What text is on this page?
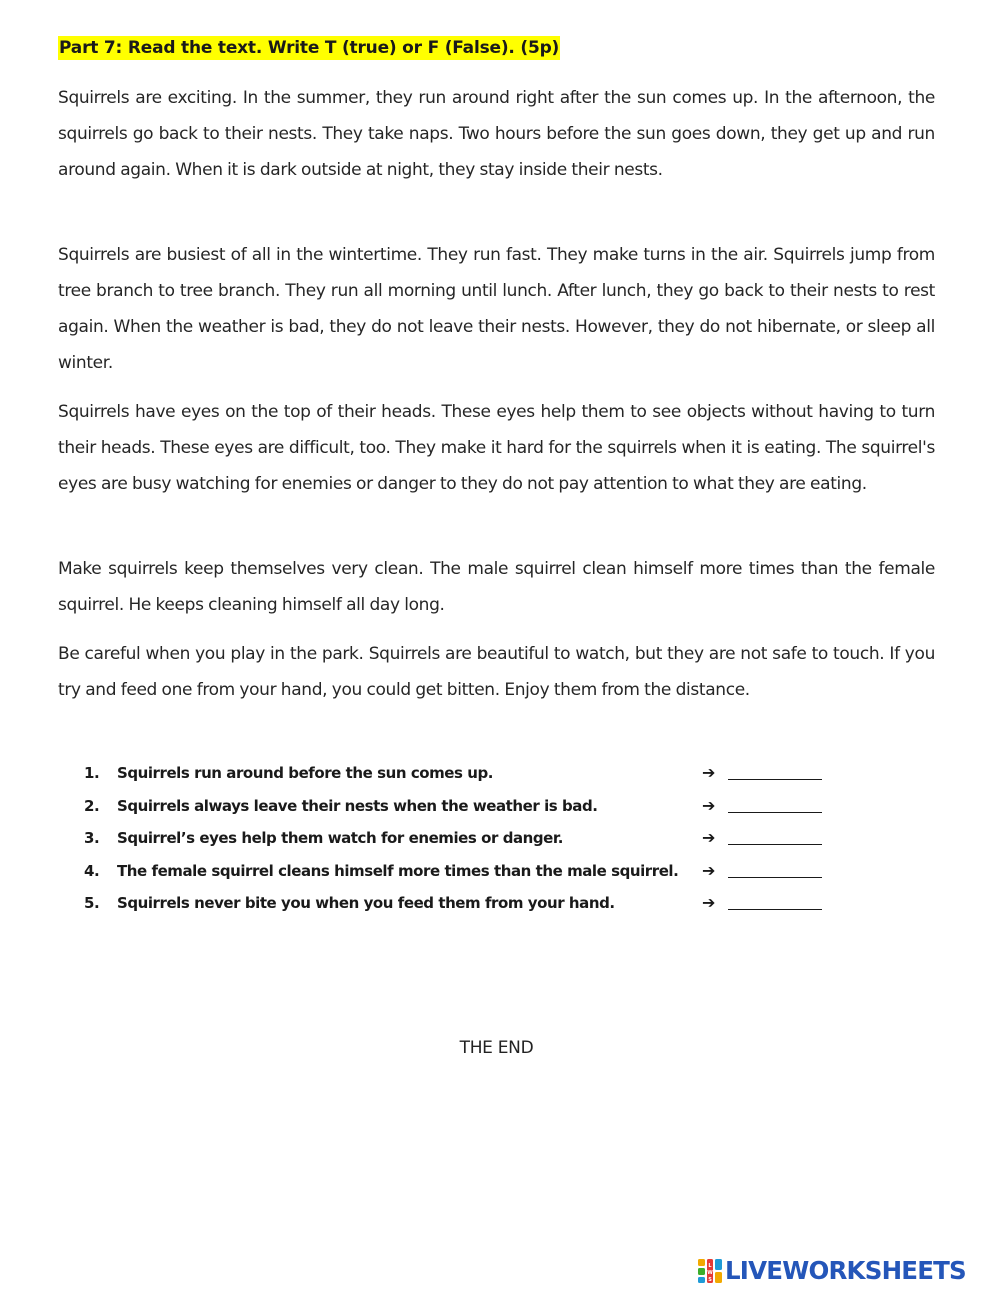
Part 7: Read the text. Write T (true) or F (False). (5p)

Squirrels are exciting. In the summer, they run around right after the sun comes up. In the afternoon, the squirrels go back to their nests. They take naps. Two hours before the sun goes down, they get up and run around again. When it is dark outside at night, they stay inside their nests.

Squirrels are busiest of all in the wintertime. They run fast. They make turns in the air. Squirrels jump from tree branch to tree branch. They run all morning until lunch. After lunch, they go back to their nests to rest again. When the weather is bad, they do not leave their nests. However, they do not hibernate, or sleep all winter.

Squirrels have eyes on the top of their heads. These eyes help them to see objects without having to turn their heads. These eyes are difficult, too. They make it hard for the squirrels when it is eating. The squirrel's eyes are busy watching for enemies or danger to they do not pay attention to what they are eating.

Make squirrels keep themselves very clean. The male squirrel clean himself more times than the female squirrel. He keeps cleaning himself all day long.

Be careful when you play in the park. Squirrels are beautiful to watch, but they are not safe to touch. If you try and feed one from your hand, you could get bitten. Enjoy them from the distance.

1.	Squirrels run around before the sun comes up.	➔
2.	Squirrels always leave their nests when the weather is bad.	➔
3.	Squirrel’s eyes help them watch for enemies or danger.	➔
4.	The female squirrel cleans himself more times than the male squirrel. ➔
5.	Squirrels never bite you when you feed them from your hand.	➔
THE END
L
W
S LIVEWORKSHEETS
